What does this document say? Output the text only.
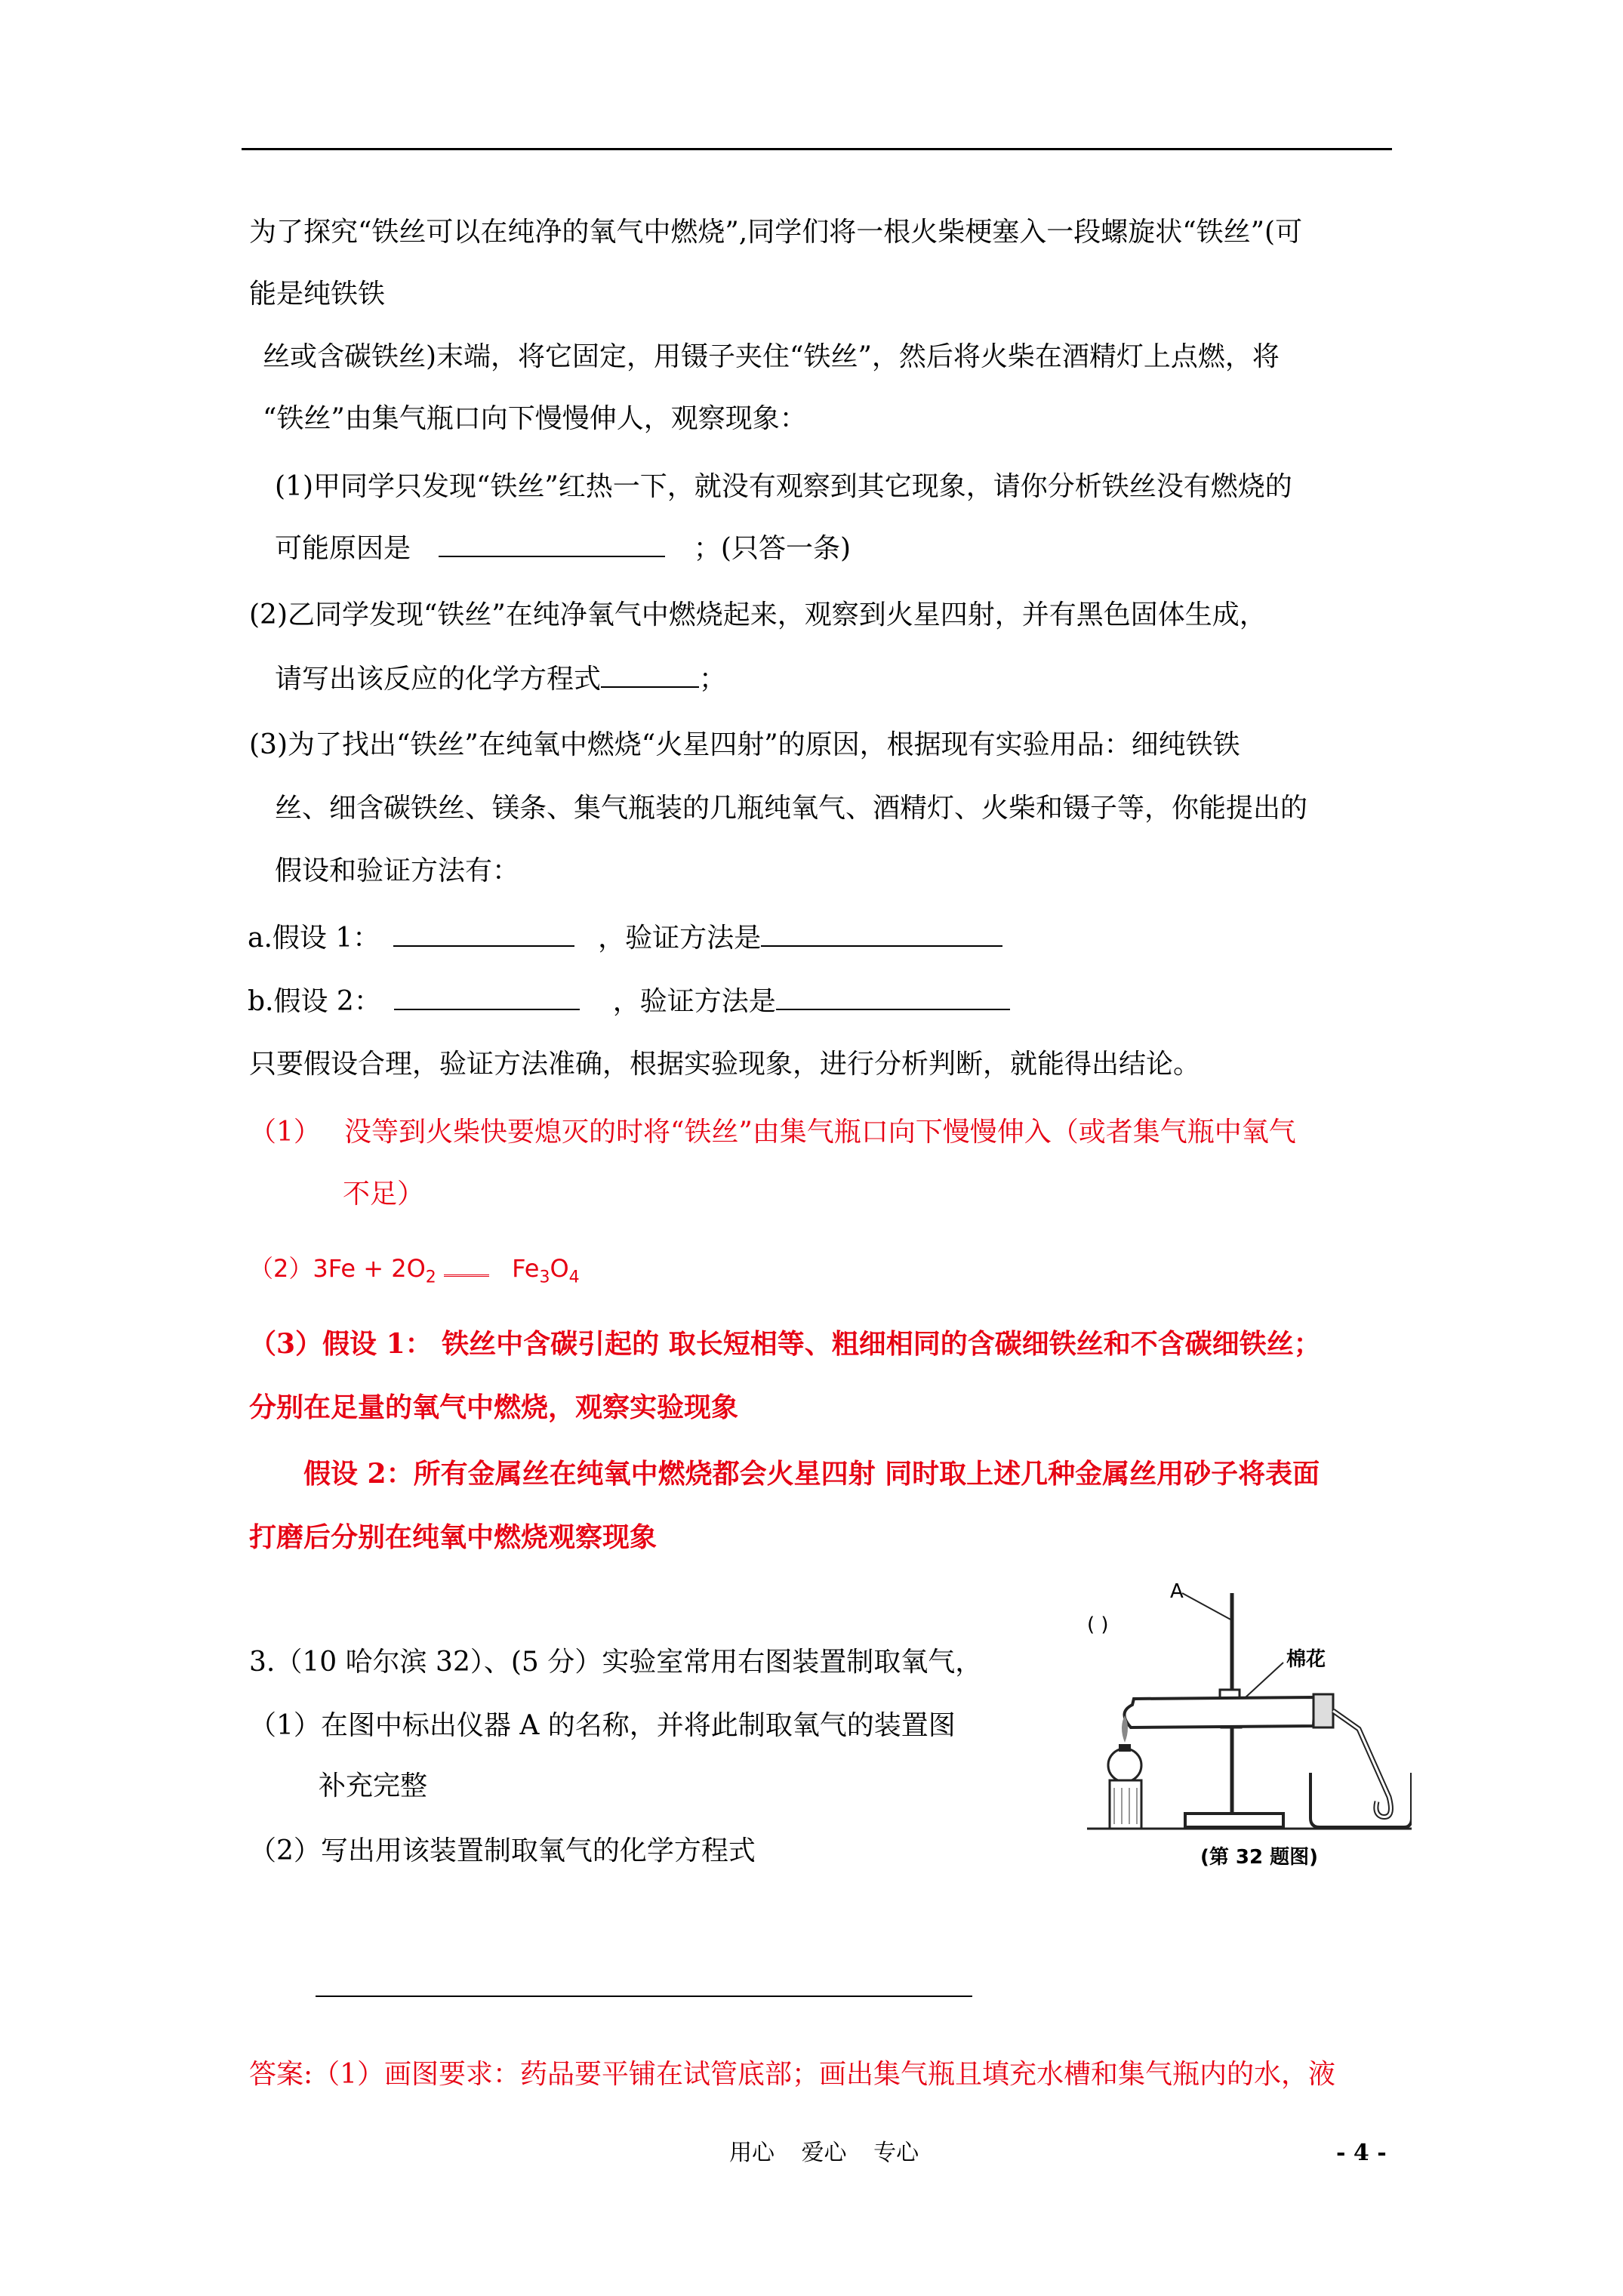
为了探究“铁丝可以在纯净的氧气中燃烧”,同学们将一根火柴梗塞入一段螺旋状“铁丝”(可
能是纯铁铁
丝或含碳铁丝)末端，将它固定，用镊子夹住“铁丝”，然后将火柴在酒精灯上点燃，将
“铁丝”由集气瓶口向下慢慢伸人，观察现象：
(1)甲同学只发现“铁丝”红热一下，就没有观察到其它现象，请你分析铁丝没有燃烧的
可能原因是	；(只答一条)
(2)乙同学发现“铁丝”在纯净氧气中燃烧起来，观察到火星四射，并有黑色固体生成，
请写出该反应的化学方程式	；
(3)为了找出“铁丝”在纯氧中燃烧“火星四射”的原因，根据现有实验用品：细纯铁铁
丝、细含碳铁丝、镁条、集气瓶装的几瓶纯氧气、酒精灯、火柴和镊子等，你能提出的
假设和验证方法有：
a.假设 1：	，验证方法是
b.假设 2：	，验证方法是
只要假设合理，验证方法准确，根据实验现象，进行分析判断，就能得出结论。
（1） 没等到火柴快要熄灭的时将“铁丝”由集气瓶口向下慢慢伸入（或者集气瓶中氧气
不足）
$(2)3Fe + 2O_2$	$Fe_3O_4$
（3）假设 1： 铁丝中含碳引起的 取长短相等、粗细相同的含碳细铁丝和不含碳细铁丝；
分别在足量的氧气中燃烧，观察实验现象
假设 2：所有金属丝在纯氧中燃烧都会火星四射 同时取上述几种金属丝用砂子将表面
打磨后分别在纯氧中燃烧观察现象
3.（10 哈尔滨 32）、(5 分）实验室常用右图装置制取氧气，
（1）在图中标出仪器 A 的名称，并将此制取氧气的装置图
补充完整
（2）写出用该装置制取氧气的化学方程式
A
( )
棉花
(第 32 题图)
答案:（1）画图要求：药品要平铺在试管底部；画出集气瓶且填充水槽和集气瓶内的水，液
用心 爱心 专心	- 4 -
